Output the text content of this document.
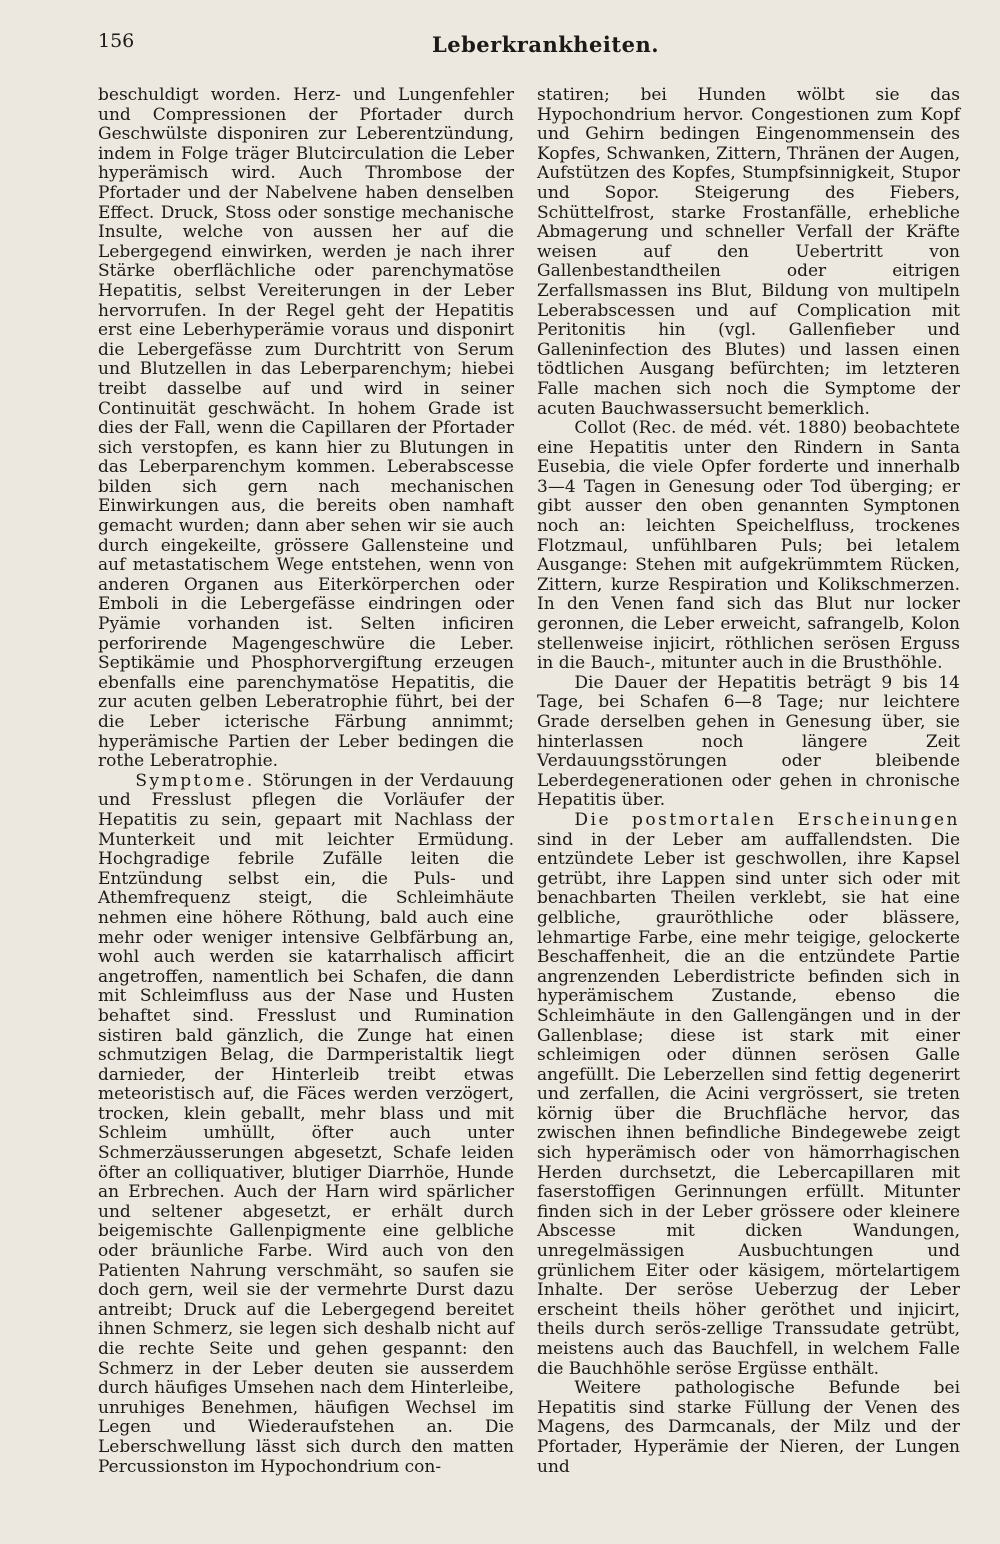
156	Leberkrankheiten.

beschuldigt worden. Herz- und Lungenfehler und Compressionen der Pfortader durch Geschwülste disponiren zur Leberentzündung, indem in Folge träger Blutcirculation die Leber hyperämisch wird. Auch Thrombose der Pfortader und der Nabelvene haben denselben Effect. Druck, Stoss oder sonstige mechanische Insulte, welche von aussen her auf die Lebergegend einwirken, werden je nach ihrer Stärke oberflächliche oder parenchymatöse Hepatitis, selbst Vereiterungen in der Leber hervorrufen. In der Regel geht der Hepatitis erst eine Leberhyperämie voraus und disponirt die Lebergefässe zum Durchtritt von Serum und Blutzellen in das Leberparenchym; hiebei treibt dasselbe auf und wird in seiner Continuität geschwächt. In hohem Grade ist dies der Fall, wenn die Capillaren der Pfortader sich verstopfen, es kann hier zu Blutungen in das Leberparenchym kommen. Leberabscesse bilden sich gern nach mechanischen Einwirkungen aus, die bereits oben namhaft gemacht wurden; dann aber sehen wir sie auch durch eingekeilte, grössere Gallensteine und auf metastatischem Wege entstehen, wenn von anderen Organen aus Eiterkörperchen oder Emboli in die Lebergefässe eindringen oder Pyämie vorhanden ist. Selten inficiren perforirende Magengeschwüre die Leber. Septikämie und Phosphorvergiftung erzeugen ebenfalls eine parenchymatöse Hepatitis, die zur acuten gelben Leberatrophie führt, bei der die Leber icterische Färbung annimmt; hyperämische Partien der Leber bedingen die rothe Leberatrophie.

Symptome. Störungen in der Verdauung und Fresslust pflegen die Vorläufer der Hepatitis zu sein, gepaart mit Nachlass der Munterkeit und mit leichter Ermüdung. Hochgradige febrile Zufälle leiten die Entzündung selbst ein, die Puls- und Athemfrequenz steigt, die Schleimhäute nehmen eine höhere Röthung, bald auch eine mehr oder weniger intensive Gelbfärbung an, wohl auch werden sie katarrhalisch afficirt angetroffen, namentlich bei Schafen, die dann mit Schleimfluss aus der Nase und Husten behaftet sind. Fresslust und Rumination sistiren bald gänzlich, die Zunge hat einen schmutzigen Belag, die Darmperistaltik liegt darnieder, der Hinterleib treibt etwas meteoristisch auf, die Fäces werden verzögert, trocken, klein geballt, mehr blass und mit Schleim umhüllt, öfter auch unter Schmerzäusserungen abgesetzt, Schafe leiden öfter an colliquativer, blutiger Diarrhöe, Hunde an Erbrechen. Auch der Harn wird spärlicher und seltener abgesetzt, er erhält durch beigemischte Gallenpigmente eine gelbliche oder bräunliche Farbe. Wird auch von den Patienten Nahrung verschmäht, so saufen sie doch gern, weil sie der vermehrte Durst dazu antreibt; Druck auf die Lebergegend bereitet ihnen Schmerz, sie legen sich deshalb nicht auf die rechte Seite und gehen gespannt: den Schmerz in der Leber deuten sie ausserdem durch häufiges Umsehen nach dem Hinterleibe, unruhiges Benehmen, häufigen Wechsel im Legen und Wiederaufstehen an. Die Leberschwellung lässt sich durch den matten Percussionston im Hypochondrium con-

statiren; bei Hunden wölbt sie das Hypochondrium hervor. Congestionen zum Kopf und Gehirn bedingen Eingenommensein des Kopfes, Schwanken, Zittern, Thränen der Augen, Aufstützen des Kopfes, Stumpfsinnigkeit, Stupor und Sopor. Steigerung des Fiebers, Schüttelfrost, starke Frostanfälle, erhebliche Abmagerung und schneller Verfall der Kräfte weisen auf den Uebertritt von Gallenbestandtheilen oder eitrigen Zerfallsmassen ins Blut, Bildung von multipeln Leberabscessen und auf Complication mit Peritonitis hin (vgl. Gallenfieber und Galleninfection des Blutes) und lassen einen tödtlichen Ausgang befürchten; im letzteren Falle machen sich noch die Symptome der acuten Bauchwassersucht bemerklich.

Collot (Rec. de méd. vét. 1880) beobachtete eine Hepatitis unter den Rindern in Santa Eusebia, die viele Opfer forderte und innerhalb 3—4 Tagen in Genesung oder Tod überging; er gibt ausser den oben genannten Symptonen noch an: leichten Speichelfluss, trockenes Flotzmaul, unfühlbaren Puls; bei letalem Ausgange: Stehen mit aufgekrümmtem Rücken, Zittern, kurze Respiration und Kolikschmerzen. In den Venen fand sich das Blut nur locker geronnen, die Leber erweicht, safrangelb, Kolon stellenweise injicirt, röthlichen serösen Erguss in die Bauch-, mitunter auch in die Brusthöhle.

Die Dauer der Hepatitis beträgt 9 bis 14 Tage, bei Schafen 6—8 Tage; nur leichtere Grade derselben gehen in Genesung über, sie hinterlassen noch längere Zeit Verdauungsstörungen oder bleibende Leberdegenerationen oder gehen in chronische Hepatitis über.

Die postmortalen Erscheinungen sind in der Leber am auffallendsten. Die entzündete Leber ist geschwollen, ihre Kapsel getrübt, ihre Lappen sind unter sich oder mit benachbarten Theilen verklebt, sie hat eine gelbliche, grauröthliche oder blässere, lehmartige Farbe, eine mehr teigige, gelockerte Beschaffenheit, die an die entzündete Partie angrenzenden Leberdistricte befinden sich in hyperämischem Zustande, ebenso die Schleimhäute in den Gallengängen und in der Gallenblase; diese ist stark mit einer schleimigen oder dünnen serösen Galle angefüllt. Die Leberzellen sind fettig degenerirt und zerfallen, die Acini vergrössert, sie treten körnig über die Bruchfläche hervor, das zwischen ihnen befindliche Bindegewebe zeigt sich hyperämisch oder von hämorrhagischen Herden durchsetzt, die Lebercapillaren mit faserstoffigen Gerinnungen erfüllt. Mitunter finden sich in der Leber grössere oder kleinere Abscesse mit dicken Wandungen, unregelmässigen Ausbuchtungen und grünlichem Eiter oder käsigem, mörtelartigem Inhalte. Der seröse Ueberzug der Leber erscheint theils höher geröthet und injicirt, theils durch serös-zellige Transsudate getrübt, meistens auch das Bauchfell, in welchem Falle die Bauchhöhle seröse Ergüsse enthält.

Weitere pathologische Befunde bei Hepatitis sind starke Füllung der Venen des Magens, des Darmcanals, der Milz und der Pfortader, Hyperämie der Nieren, der Lungen und
